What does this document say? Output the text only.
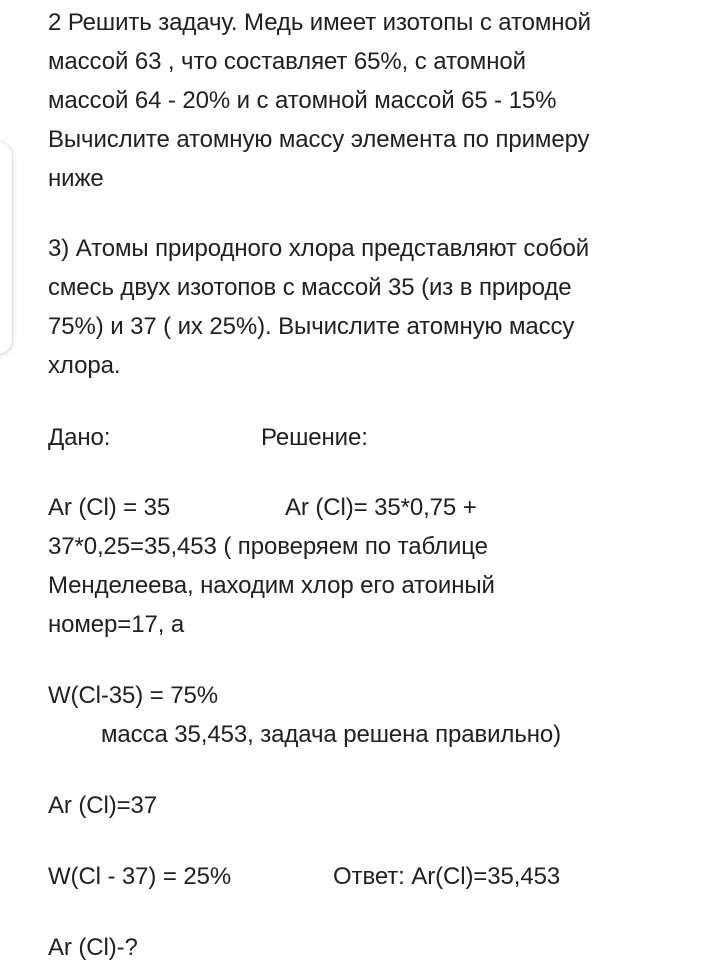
2 Решить задачу. Медь имеет изотопы с атомной
массой 63 , что составляет 65%, с атомной
массой 64 - 20% и с атомной массой 65 - 15%
Вычислите атомную массу элемента по примеру
ниже
3) Атомы природного хлора представляют собой
смесь двух изотопов с массой 35 (из в природе
75%) и 37 ( их 25%). Вычислите атомную массу
хлора.
Дано:	Решение:
Ar (Cl) = 35	Ar (Cl)= 35*0,75 +
37*0,25=35,453 ( проверяем по таблице
Менделеева, находим хлор его атоиный
номер=17, а
W(Cl-35) = 75%
масса 35,453, задача решена правильно)
Ar (Cl)=37
W(Cl - 37) = 25%	Ответ: Ar(Cl)=35,453
Ar (Cl)-?
